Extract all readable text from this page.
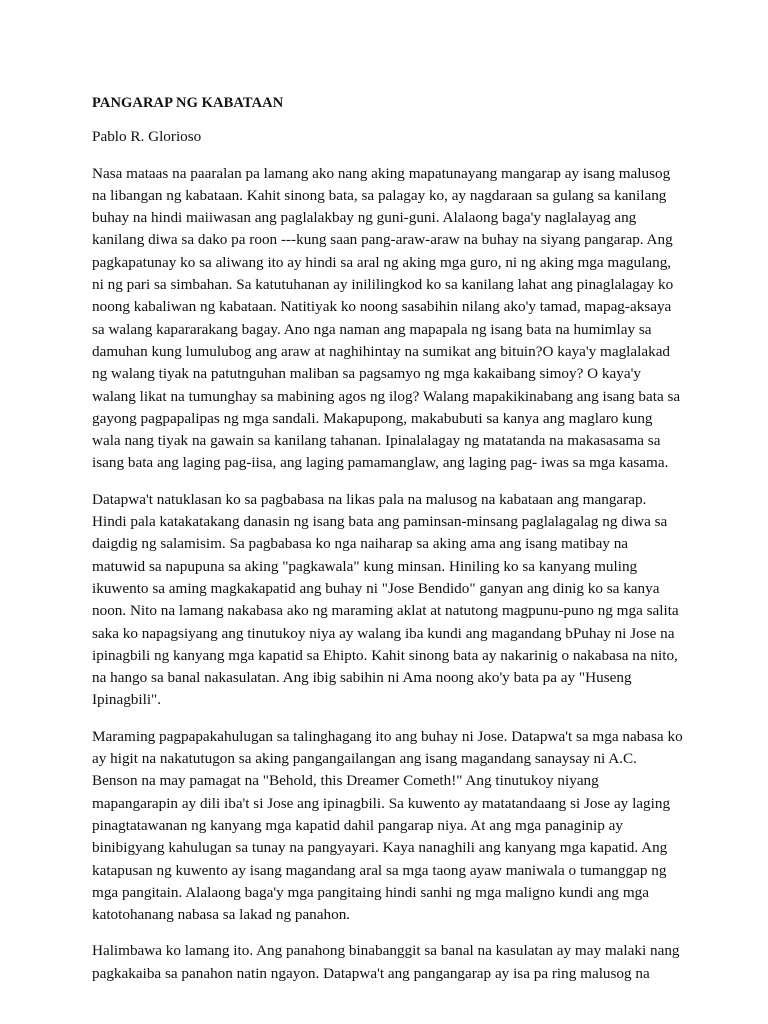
PANGARAP NG KABATAAN
Pablo R. Glorioso

Nasa mataas na paaralan pa lamang ako nang aking mapatunayang mangarap ay isang malusog na libangan ng kabataan. Kahit sinong bata, sa palagay ko, ay nagdaraan sa gulang sa kanilang buhay na hindi maiiwasan ang paglalakbay ng guni-guni. Alalaong baga'y naglalayag ang kanilang diwa sa dako pa roon ---kung saan pang-araw-araw na buhay na siyang pangarap. Ang pagkapatunay ko sa aliwang ito ay hindi sa aral ng aking mga guro, ni ng aking mga magulang, ni ng pari sa simbahan. Sa katutuhanan ay inililingkod ko sa kanilang lahat ang pinaglalagay ko noong kabaliwan ng kabataan. Natitiyak ko noong sasabihin nilang ako'y tamad, mapag-aksaya sa walang kapararakang bagay. Ano nga naman ang mapapala ng isang bata na humimlay sa damuhan kung lumulubog ang araw at naghihintay na sumikat ang bituin?O kaya'y maglalakad ng walang tiyak na patutnguhan maliban sa pagsamyo ng mga kakaibang simoy? O kaya'y walang likat na tumunghay sa mabining agos ng ilog? Walang mapakikinabang ang isang bata sa gayong pagpapalipas ng mga sandali. Makapupong, makabubuti sa kanya ang maglaro kung wala nang tiyak na gawain sa kanilang tahanan. Ipinalalagay ng matatanda na makasasama sa isang bata ang laging pag-iisa, ang laging pamamanglaw, ang laging pag- iwas sa mga kasama.

Datapwa't natuklasan ko sa pagbabasa na likas pala na malusog na kabataan ang mangarap. Hindi pala katakatakang danasin ng isang bata ang paminsan-minsang paglalagalag ng diwa sa daigdig ng salamisim. Sa pagbabasa ko nga naiharap sa aking ama ang isang matibay na matuwid sa napupuna sa aking "pagkawala" kung minsan. Hiniling ko sa kanyang muling ikuwento sa aming magkakapatid ang buhay ni "Jose Bendido" ganyan ang dinig ko sa kanya noon. Nito na lamang nakabasa ako ng maraming aklat at natutong magpunu-puno ng mga salita saka ko napagsiyang ang tinutukoy niya ay walang iba kundi ang magandang bPuhay ni Jose na ipinagbili ng kanyang mga kapatid sa Ehipto. Kahit sinong bata ay nakarinig o nakabasa na nito, na hango sa banal nakasulatan. Ang ibig sabihin ni Ama noong ako'y bata pa ay "Huseng Ipinagbili".

Maraming pagpapakahulugan sa talinghagang ito ang buhay ni Jose. Datapwa't sa mga nabasa ko ay higit na nakatutugon sa aking pangangailangan ang isang magandang sanaysay ni A.C. Benson na may pamagat na "Behold, this Dreamer Cometh!" Ang tinutukoy niyang mapangarapin ay dili iba't si Jose ang ipinagbili. Sa kuwento ay matatandaang si Jose ay laging pinagtatawanan ng kanyang mga kapatid dahil pangarap niya. At ang mga panaginip ay binibigyang kahulugan sa tunay na pangyayari. Kaya nanaghili ang kanyang mga kapatid. Ang katapusan ng kuwento ay isang magandang aral sa mga taong ayaw maniwala o tumanggap ng mga pangitain. Alalaong baga'y mga pangitaing hindi sanhi ng mga maligno kundi ang mga katotohanang nabasa sa lakad ng panahon.

Halimbawa ko lamang ito. Ang panahong binabanggit sa banal na kasulatan ay may malaki nang pagkakaiba sa panahon natin ngayon. Datapwa't ang pangangarap ay isa pa ring malusog na
